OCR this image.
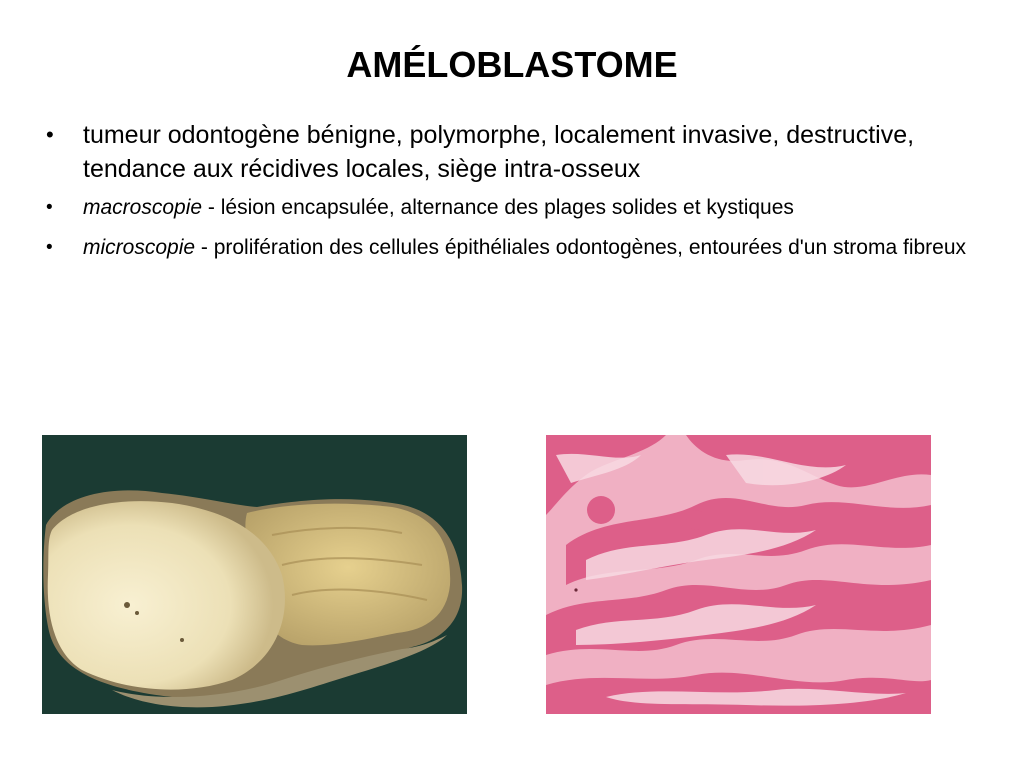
AMÉLOBLASTOME
• tumeur odontogène bénigne, polymorphe, localement invasive, destructive, tendance aux récidives locales, siège intra-osseux
• macroscopie - lésion encapsulée, alternance des plages solides et kystiques
• microscopie - prolifération des cellules épithéliales odontogènes, entourées d'un stroma fibreux
